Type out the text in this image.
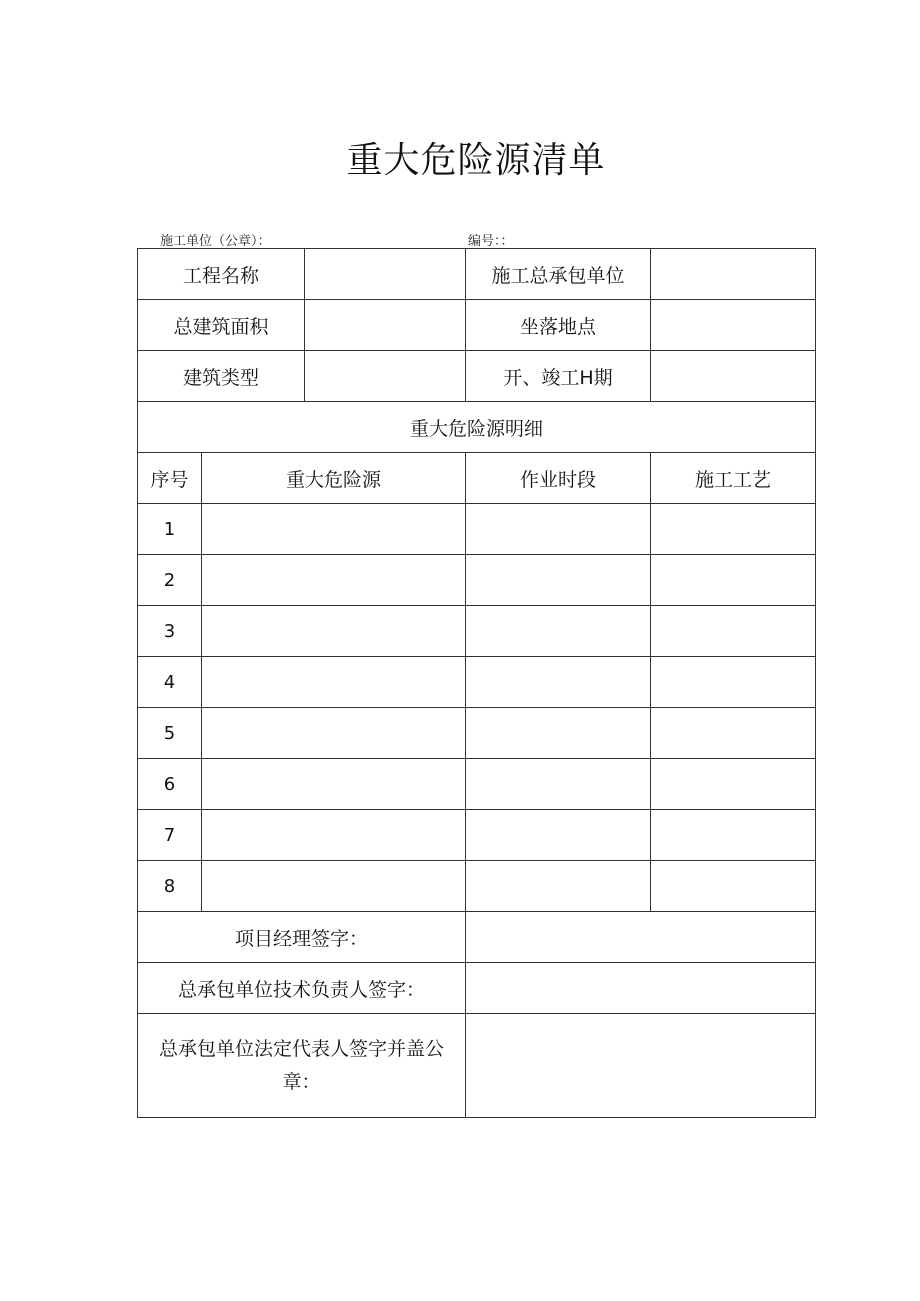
重大危险源清单
施工单位（公章）：	编号：：
工程名称			施工总承包单位	
总建筑面积			坐落地点	
建筑类型			开、竣工H期	
重大危险源明细				
序号	重大危险源		作业时段	施工工艺
1				
2				
3				
4				
5				
6				
7				
8				
项目经理签字：				
总承包单位技术负责人签字：				
总承包单位法定代表人签字并盖公
章：				
